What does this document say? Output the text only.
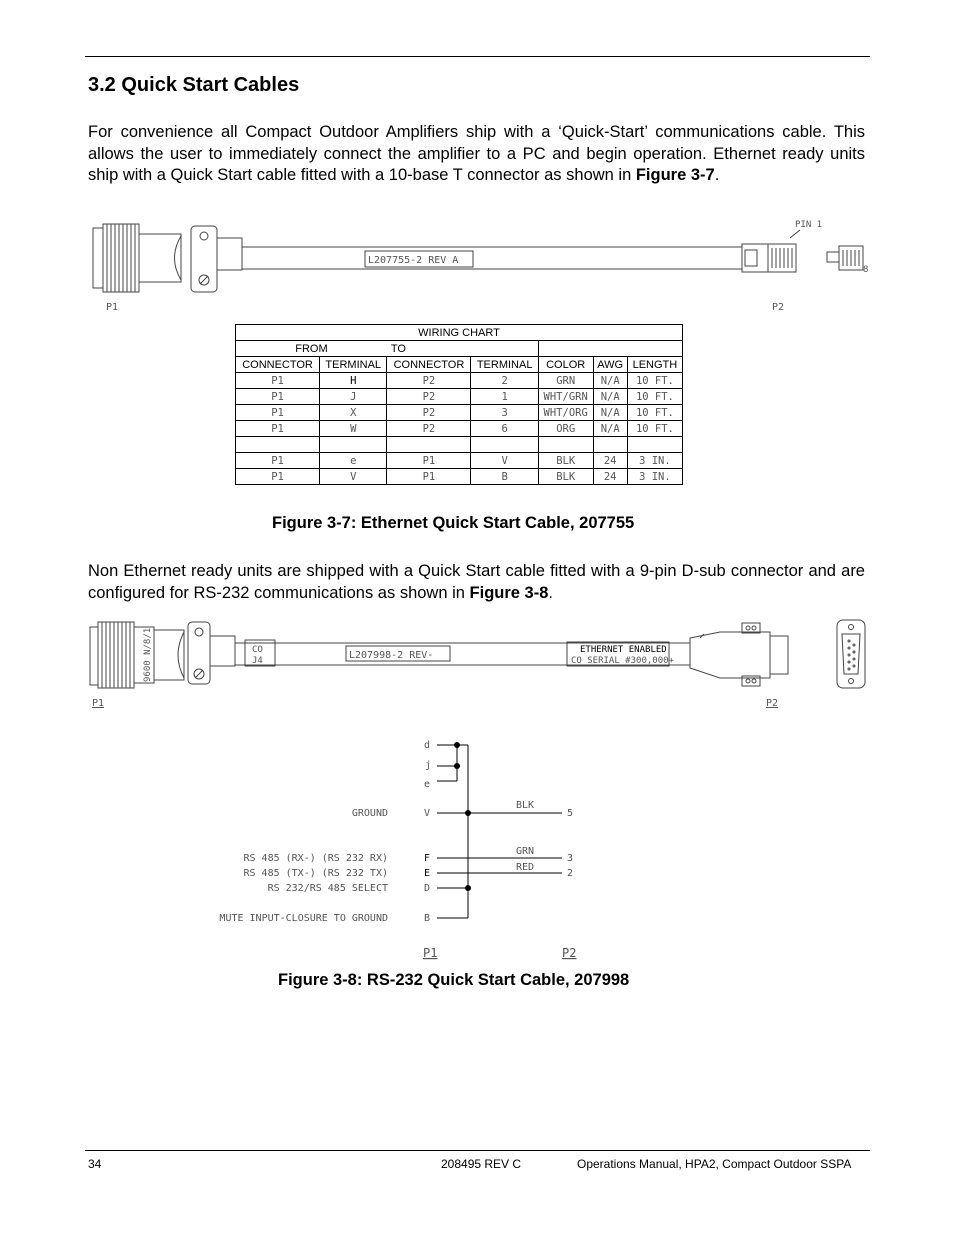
3.2 Quick Start Cables

For convenience all Compact Outdoor Amplifiers ship with a ‘Quick-Start’ communications cable. This allows the user to immediately connect the amplifier to a PC and begin operation. Ethernet ready units ship with a Quick Start cable fitted with a 10-base T connector as shown in Figure 3-7.

L207755-2 REV A
PIN 1
8
P1	P2
WIRING CHART						
FROM		TO				
CONNECTOR	TERMINAL	CONNECTOR	TERMINAL	COLOR	AWG	LENGTH
P1	H	P2	2	GRN	N/A	10 FT.
P1	J	P2	1	WHT/GRN	N/A	10 FT.
P1	X	P2	3	WHT/ORG	N/A	10 FT.
P1	W	P2	6	ORG	N/A	10 FT.

P1	e	P1	V	BLK	24	3 IN.
P1	V	P1	B	BLK	24	3 IN.
Figure 3-7: Ethernet Quick Start Cable, 207755

Non Ethernet ready units are shipped with a Quick Start cable fitted with a 9-pin D-sub connector and are configured for RS-232 communications as shown in Figure 3-8.

9600 N/8/1	CO
J4	L207998-2 REV-	ETHERNET ENABLED
CO SERIAL #300,000+
P1	P2
d
j
e
V
F
E
D
B
GROUND
RS 485 (RX-) (RS 232 RX)
RS 485 (TX-) (RS 232 TX)
RS 232/RS 485 SELECT
MUTE INPUT-CLOSURE TO GROUND
BLK
GRN
RED
5
3
2
P1	P2
Figure 3-8: RS-232 Quick Start Cable, 207998
34	208495 REV C	Operations Manual, HPA2, Compact Outdoor SSPA
